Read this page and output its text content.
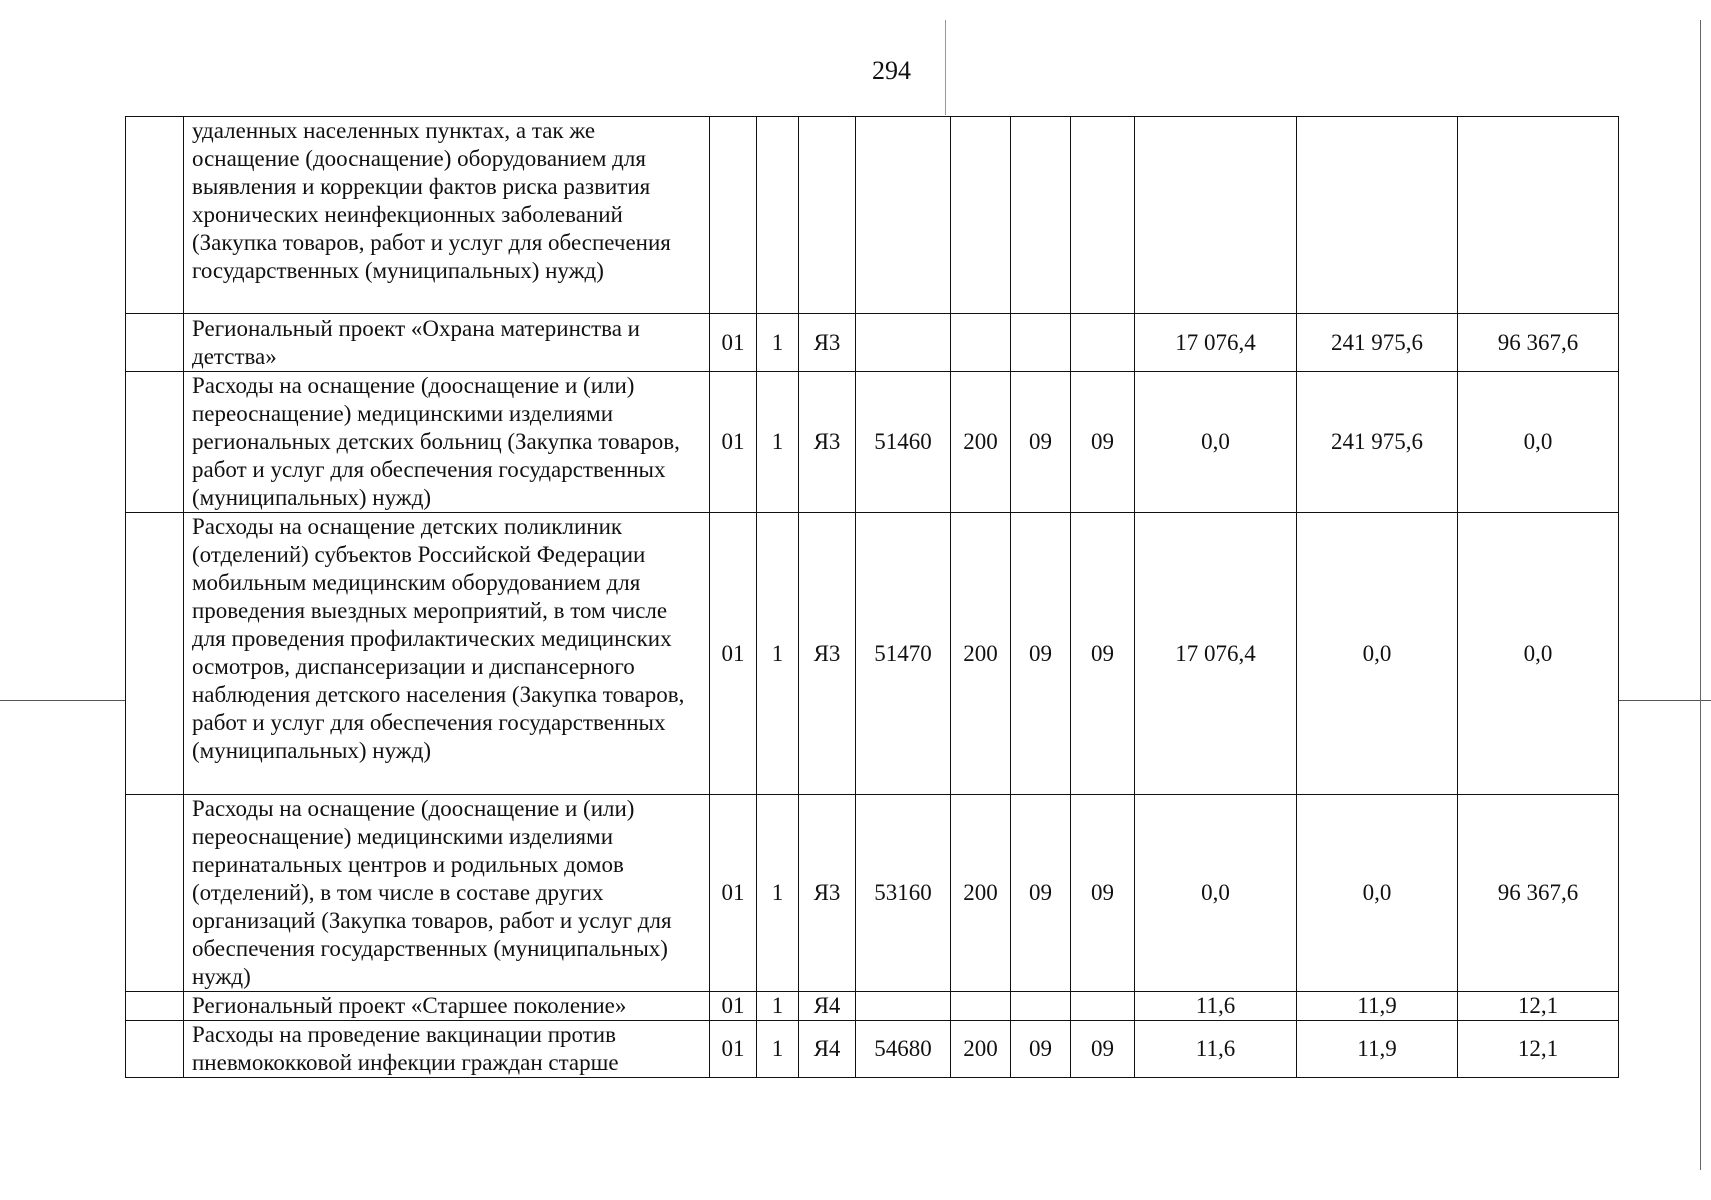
294
	удаленных населенных пунктах, а так же оснащение (дооснащение) оборудованием для выявления и коррекции фактов риска развития хронических неинфекционных заболеваний (Закупка товаров, работ и услуг для обеспечения государственных (муниципальных) нужд)										
	Региональный проект «Охрана материнства и детства»	01	1	Я3					17 076,4	241 975,6	96 367,6
	Расходы на оснащение (дооснащение и (или) переоснащение) медицинскими изделиями региональных детских больниц (Закупка товаров, работ и услуг для обеспечения государственных (муниципальных) нужд)	01	1	Я3	51460	200	09	09	0,0	241 975,6	0,0
	Расходы на оснащение детских поликлиник (отделений) субъектов Российской Федерации мобильным медицинским оборудованием для проведения выездных мероприятий, в том числе для проведения профилактических медицинских осмотров, диспансеризации и диспансерного наблюдения детского населения (Закупка товаров, работ и услуг для обеспечения государственных (муниципальных) нужд)	01	1	Я3	51470	200	09	09	17 076,4	0,0	0,0
	Расходы на оснащение (дооснащение и (или) переоснащение) медицинскими изделиями перинатальных центров и родильных домов (отделений), в том числе в составе других организаций (Закупка товаров, работ и услуг для обеспечения государственных (муниципальных) нужд)	01	1	Я3	53160	200	09	09	0,0	0,0	96 367,6
	Региональный проект «Старшее поколение»	01	1	Я4					11,6	11,9	12,1
	Расходы на проведение вакцинации против пневмококковой инфекции граждан старше	01	1	Я4	54680	200	09	09	11,6	11,9	12,1
